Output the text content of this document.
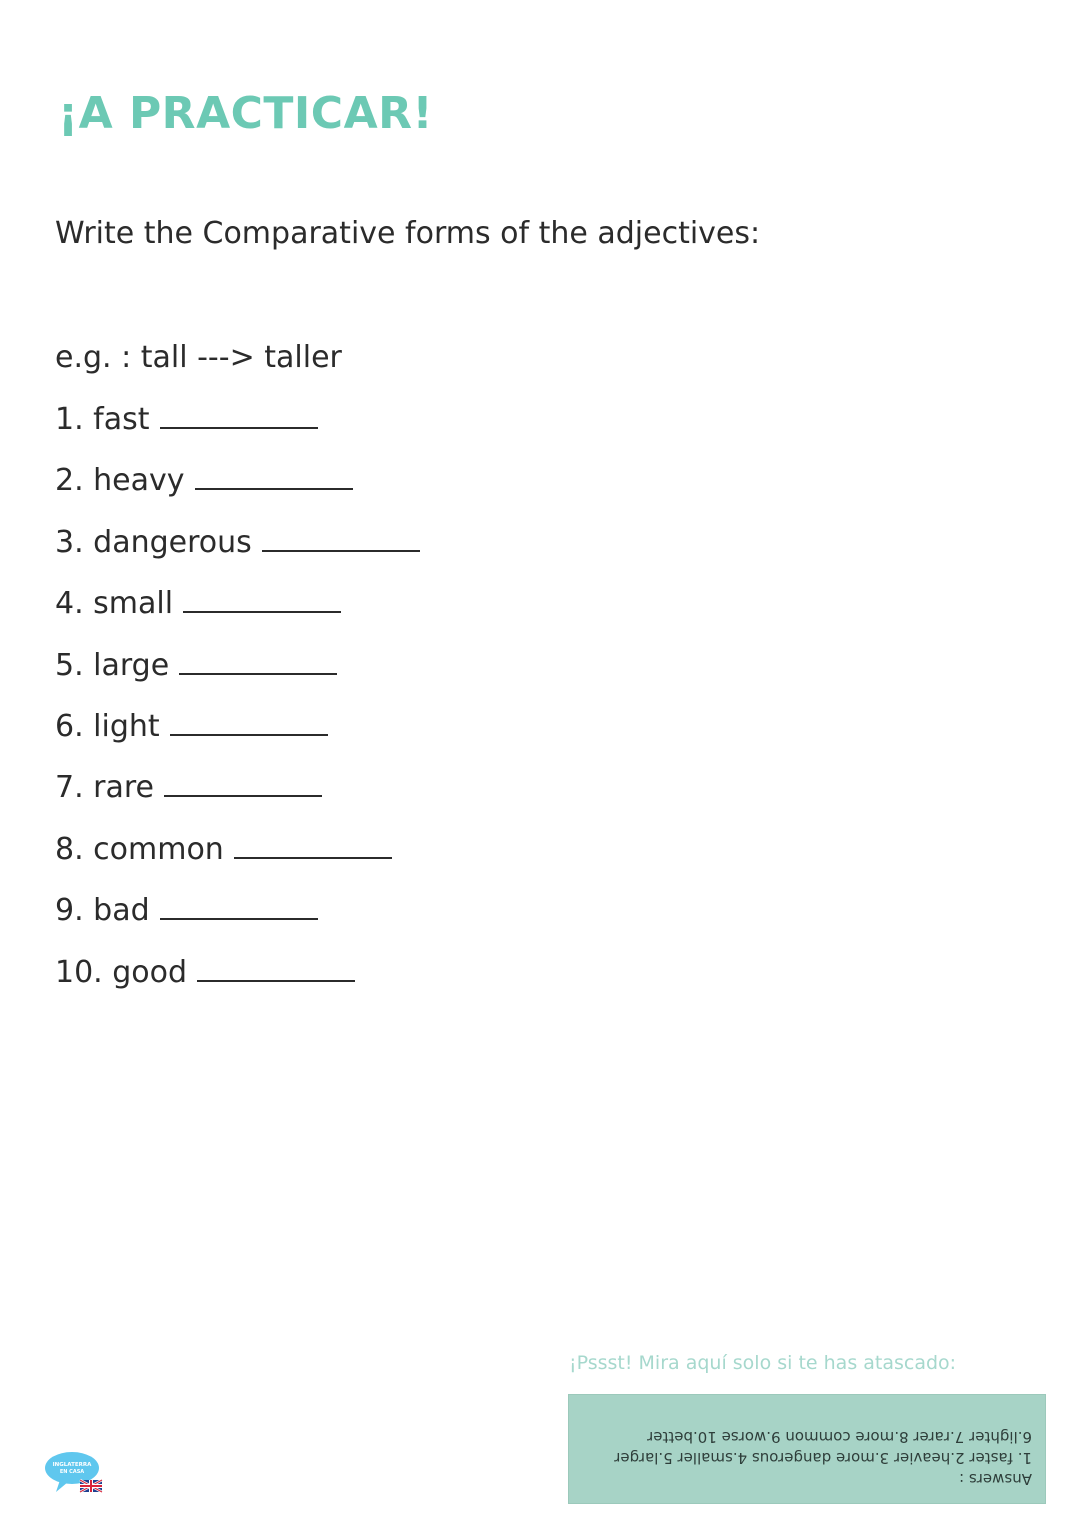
¡A PRACTICAR!
Write the Comparative forms of the adjectives:
e.g. : tall ---> taller
1. fast
2. heavy
3. dangerous
4. small
5. large
6. light
7. rare
8. common
9. bad
10. good
¡Pssst! Mira aquí solo si te has atascado:
Answers :
1. faster 2.heavier 3.more dangerous 4.smaller 5.larger
6.lighter 7.rarer 8.more common 9.worse 10.better
INGLATERRA
EN CASA
